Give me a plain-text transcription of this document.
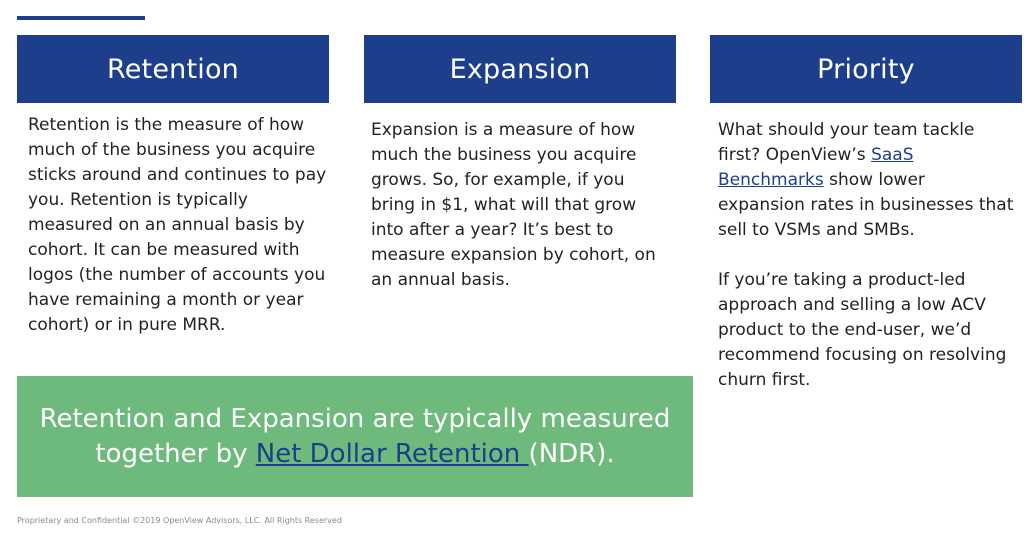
Retention	Expansion	Priority

Retention is the measure of how much of the business you acquire sticks around and continues to pay you. Retention is typically measured on an annual basis by cohort. It can be measured with logos (the number of accounts you have remaining a month or year cohort) or in pure MRR.

Expansion is a measure of how much the business you acquire grows. So, for example, if you bring in $1, what will that grow into after a year? It’s best to measure expansion by cohort, on an annual basis.

What should your team tackle first? OpenView’s SaaS Benchmarks show lower expansion rates in businesses that sell to VSMs and SMBs.

If you’re taking a product-led approach and selling a low ACV product to the end-user, we’d recommend focusing on resolving churn first.

Retention and Expansion are typically measured
together by Net Dollar Retention (NDR).
Proprietary and Confidential ©2019 OpenView Advisors, LLC. All Rights Reserved
